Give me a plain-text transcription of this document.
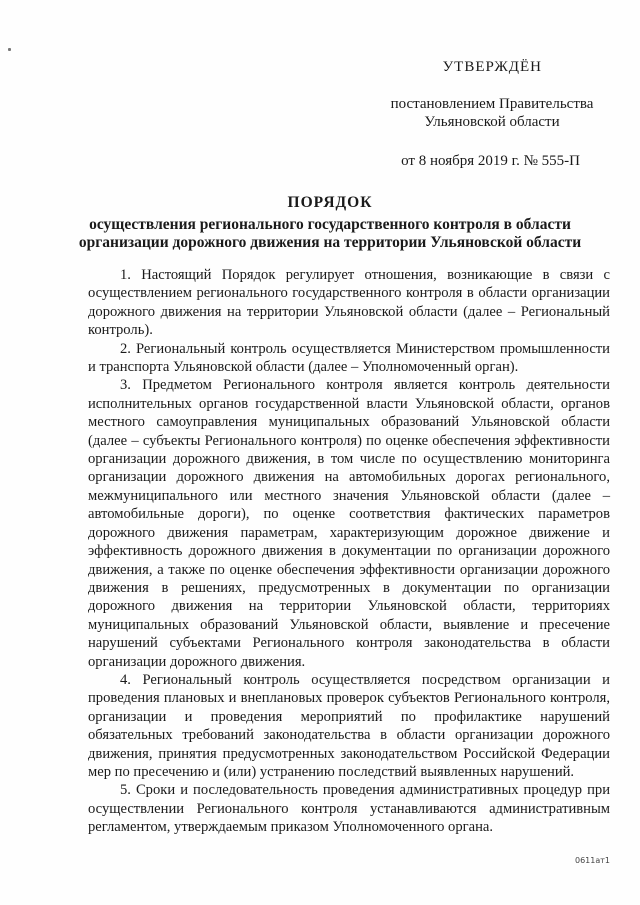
УТВЕРЖДЁН

постановлением Правительства
Ульяновской области

от 8 ноября 2019 г. № 555-П

ПОРЯДОК
осуществления регионального государственного контроля в области
организации дорожного движения на территории Ульяновской области

1. Настоящий Порядок регулирует отношения, возникающие в связи с осуществлением регионального государственного контроля в области организации дорожного движения на территории Ульяновской области (далее – Региональный контроль).

2. Региональный контроль осуществляется Министерством промышленности и транспорта Ульяновской области (далее – Уполномоченный орган).

3. Предметом Регионального контроля является контроль деятельности исполнительных органов государственной власти Ульяновской области, органов местного самоуправления муниципальных образований Ульяновской области (далее – субъекты Регионального контроля) по оценке обеспечения эффективности организации дорожного движения, в том числе по осуществлению мониторинга организации дорожного движения на автомобильных дорогах регионального, межмуниципального или местного значения Ульяновской области (далее – автомобильные дороги), по оценке соответствия фактических параметров дорожного движения параметрам, характеризующим дорожное движение и эффективность дорожного движения в документации по организации дорожного движения, а также по оценке обеспечения эффективности организации дорожного движения в решениях, предусмотренных в документации по организации дорожного движения на территории Ульяновской области, территориях муниципальных образований Ульяновской области, выявление и пресечение нарушений субъектами Регионального контроля законодательства в области организации дорожного движения.

4. Региональный контроль осуществляется посредством организации и проведения плановых и внеплановых проверок субъектов Регионального контроля, организации и проведения мероприятий по профилактике нарушений обязательных требований законодательства в области организации дорожного движения, принятия предусмотренных законодательством Российской Федерации мер по пресечению и (или) устранению последствий выявленных нарушений.

5. Сроки и последовательность проведения административных процедур при осуществлении Регионального контроля устанавливаются административным регламентом, утверждаемым приказом Уполномоченного органа.

0611ат1
